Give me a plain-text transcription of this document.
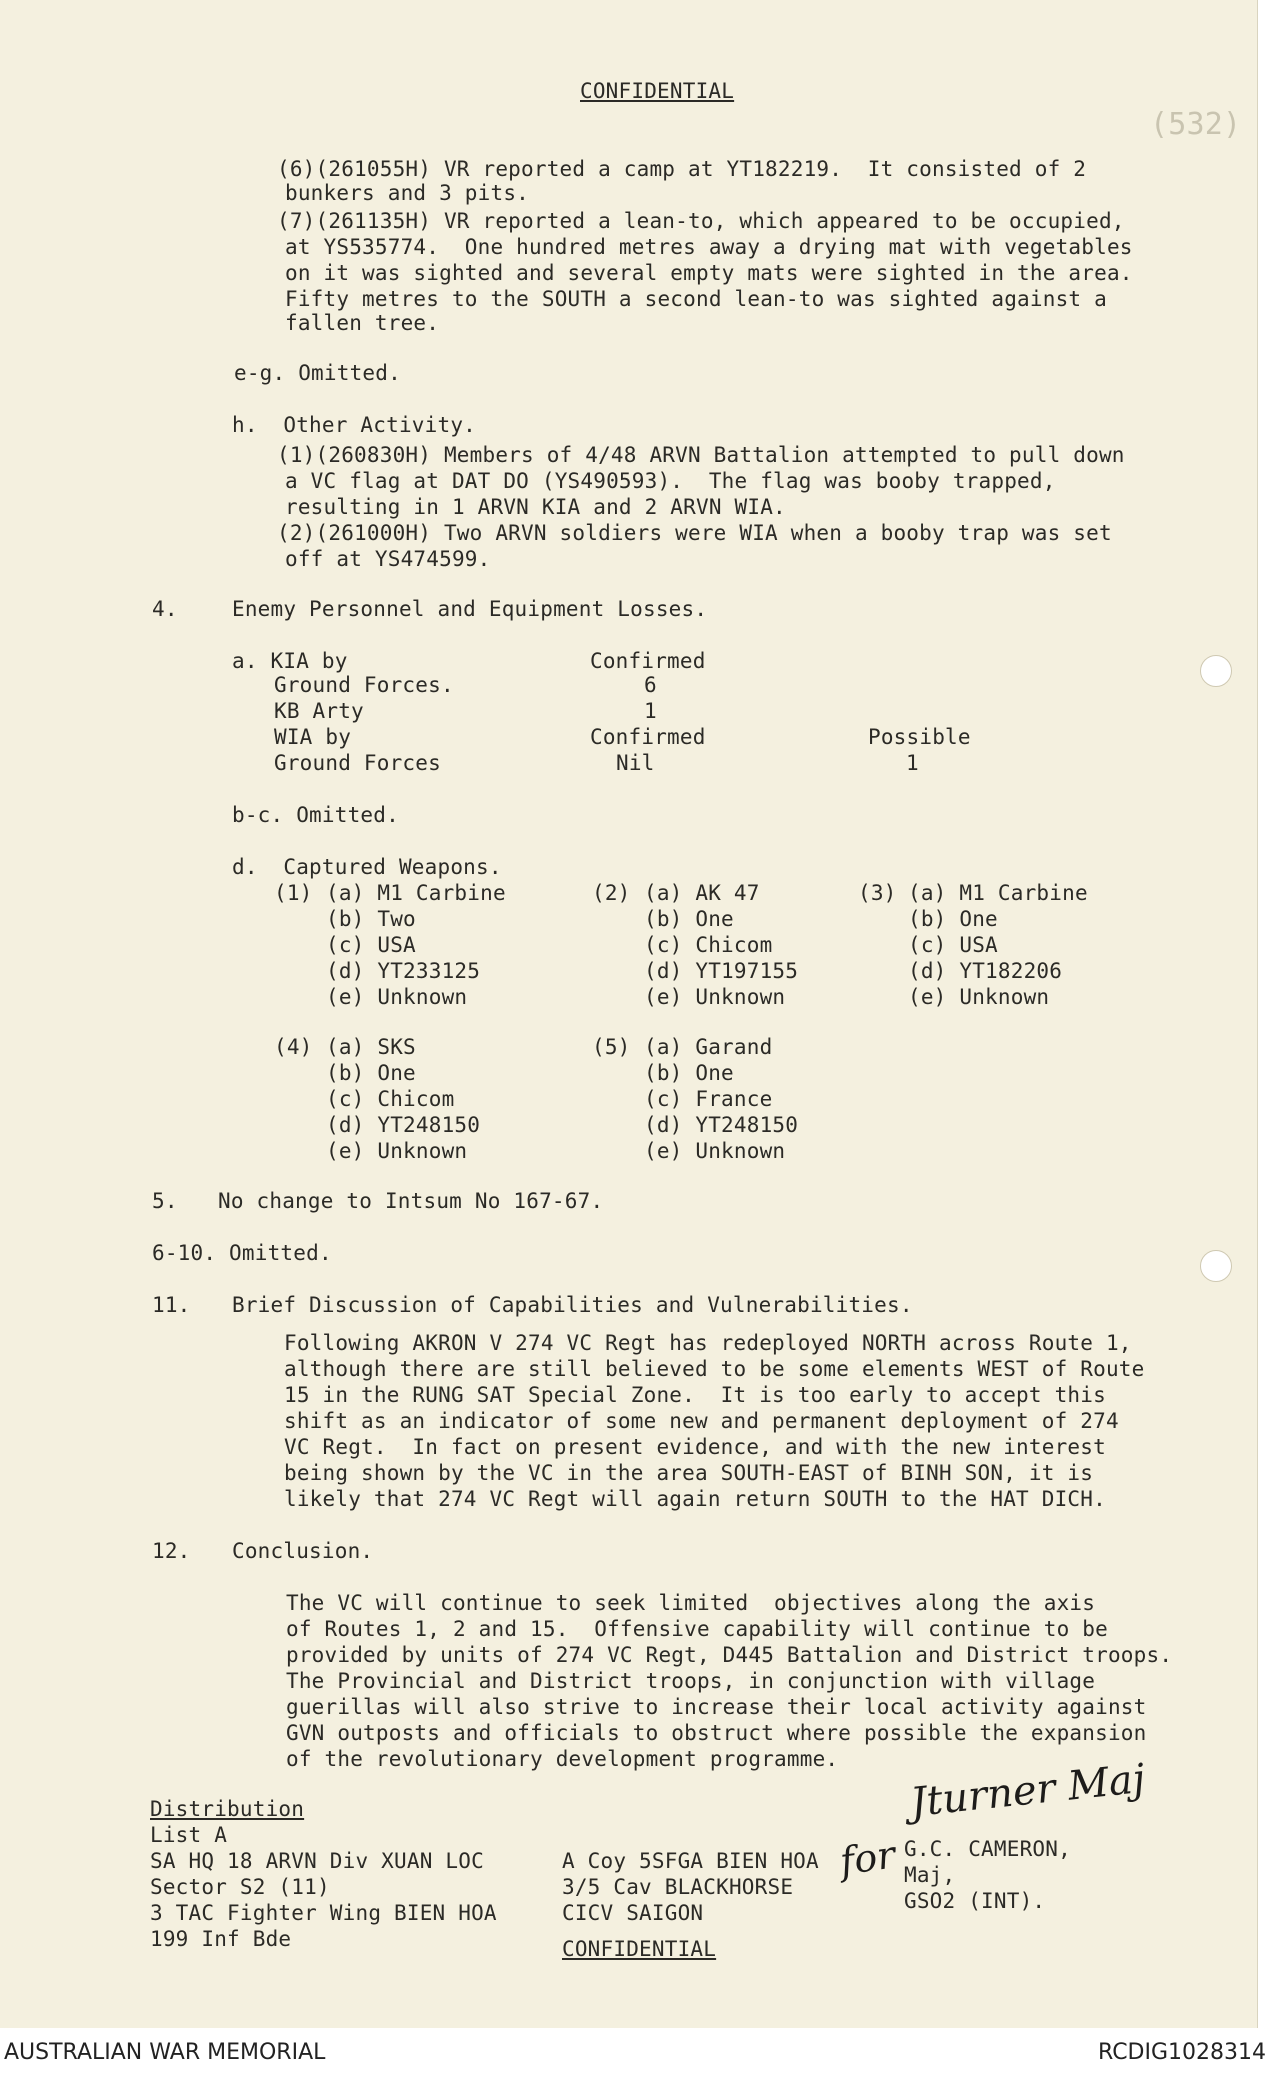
CONFIDENTIAL
(532)
(6)(261055H) VR reported a camp at YT182219.  It consisted of 2
bunkers and 3 pits.
(7)(261135H) VR reported a lean-to, which appeared to be occupied,
at YS535774.  One hundred metres away a drying mat with vegetables
on it was sighted and several empty mats were sighted in the area.
Fifty metres to the SOUTH a second lean-to was sighted against a
fallen tree.
e-g. Omitted.
h.  Other Activity.
(1)(260830H) Members of 4/48 ARVN Battalion attempted to pull down
a VC flag at DAT DO (YS490593).  The flag was booby trapped,
resulting in 1 ARVN KIA and 2 ARVN WIA.
(2)(261000H) Two ARVN soldiers were WIA when a booby trap was set
off at YS474599.
4.	Enemy Personnel and Equipment Losses.
a. KIA by	Confirmed
Ground Forces.	6
KB Arty	1
WIA by	Confirmed	Possible
Ground Forces	Nil	1
b-c. Omitted.
d.  Captured Weapons.
(1) (a) M1 Carbine
(b) Two
(c) USA
(d) YT233125
(e) Unknown
(2) (a) AK 47
(b) One
(c) Chicom
(d) YT197155
(e) Unknown
(3) (a) M1 Carbine
(b) One
(c) USA
(d) YT182206
(e) Unknown
(4) (a) SKS
(b) One
(c) Chicom
(d) YT248150
(e) Unknown
(5) (a) Garand
(b) One
(c) France
(d) YT248150
(e) Unknown
5. No change to Intsum No 167-67.
6-10. Omitted.
11. Brief Discussion of Capabilities and Vulnerabilities.
Following AKRON V 274 VC Regt has redeployed NORTH across Route 1,
although there are still believed to be some elements WEST of Route
15 in the RUNG SAT Special Zone.  It is too early to accept this
shift as an indicator of some new and permanent deployment of 274
VC Regt.  In fact on present evidence, and with the new interest
being shown by the VC in the area SOUTH-EAST of BINH SON, it is
likely that 274 VC Regt will again return SOUTH to the HAT DICH.
12. Conclusion.
The VC will continue to seek limited  objectives along the axis
of Routes 1, 2 and 15.  Offensive capability will continue to be
provided by units of 274 VC Regt, D445 Battalion and District troops.
The Provincial and District troops, in conjunction with village
guerillas will also strive to increase their local activity against
GVN outposts and officials to obstruct where possible the expansion
of the revolutionary development programme.
Distribution
List A
SA HQ 18 ARVN Div XUAN LOC
Sector S2 (11)
3 TAC Fighter Wing BIEN HOA
199 Inf Bde
A Coy 5SFGA BIEN HOA
3/5 Cav BLACKHORSE
CICV SAIGON
CONFIDENTIAL
Jturner Maj
for G.C. CAMERON,
Maj,
GSO2 (INT).
AUSTRALIAN WAR MEMORIAL	RCDIG1028314
